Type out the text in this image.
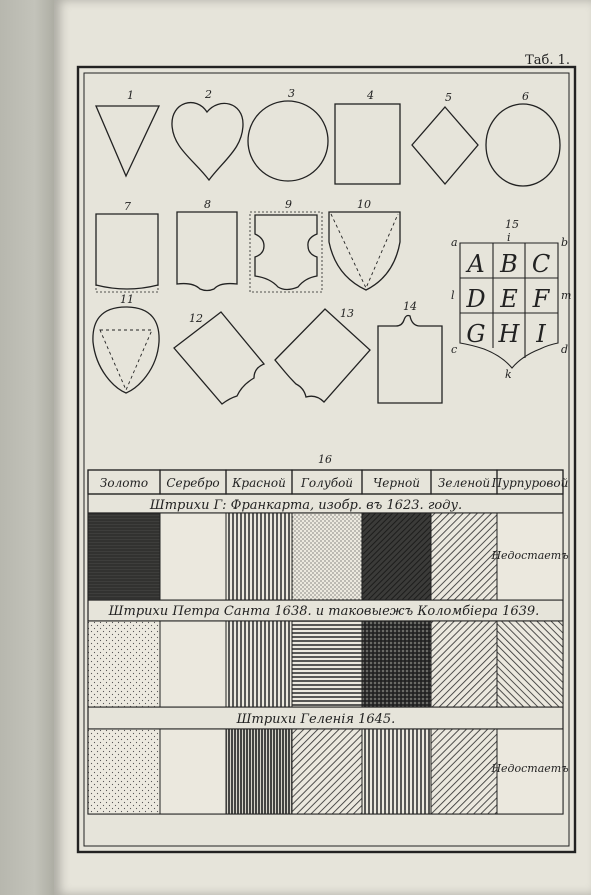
Таб. 1.
1	2	3	4	5	6
7	8	9	10
11
12	13
14
15
16
a	b
c	d
i
l	m
k
A B C
D E F
G H I
Золото Серебро Красной Голубой Черной Зеленой Пурпуровой
Штрихи Г: Франкарта, изобр. въ 1623. году.
Штрихи Петра Санта 1638. и таковыежъ Коломбiера 1639.
Штрихи Геленiя 1645.
Недостаетъ
Недостаетъ
